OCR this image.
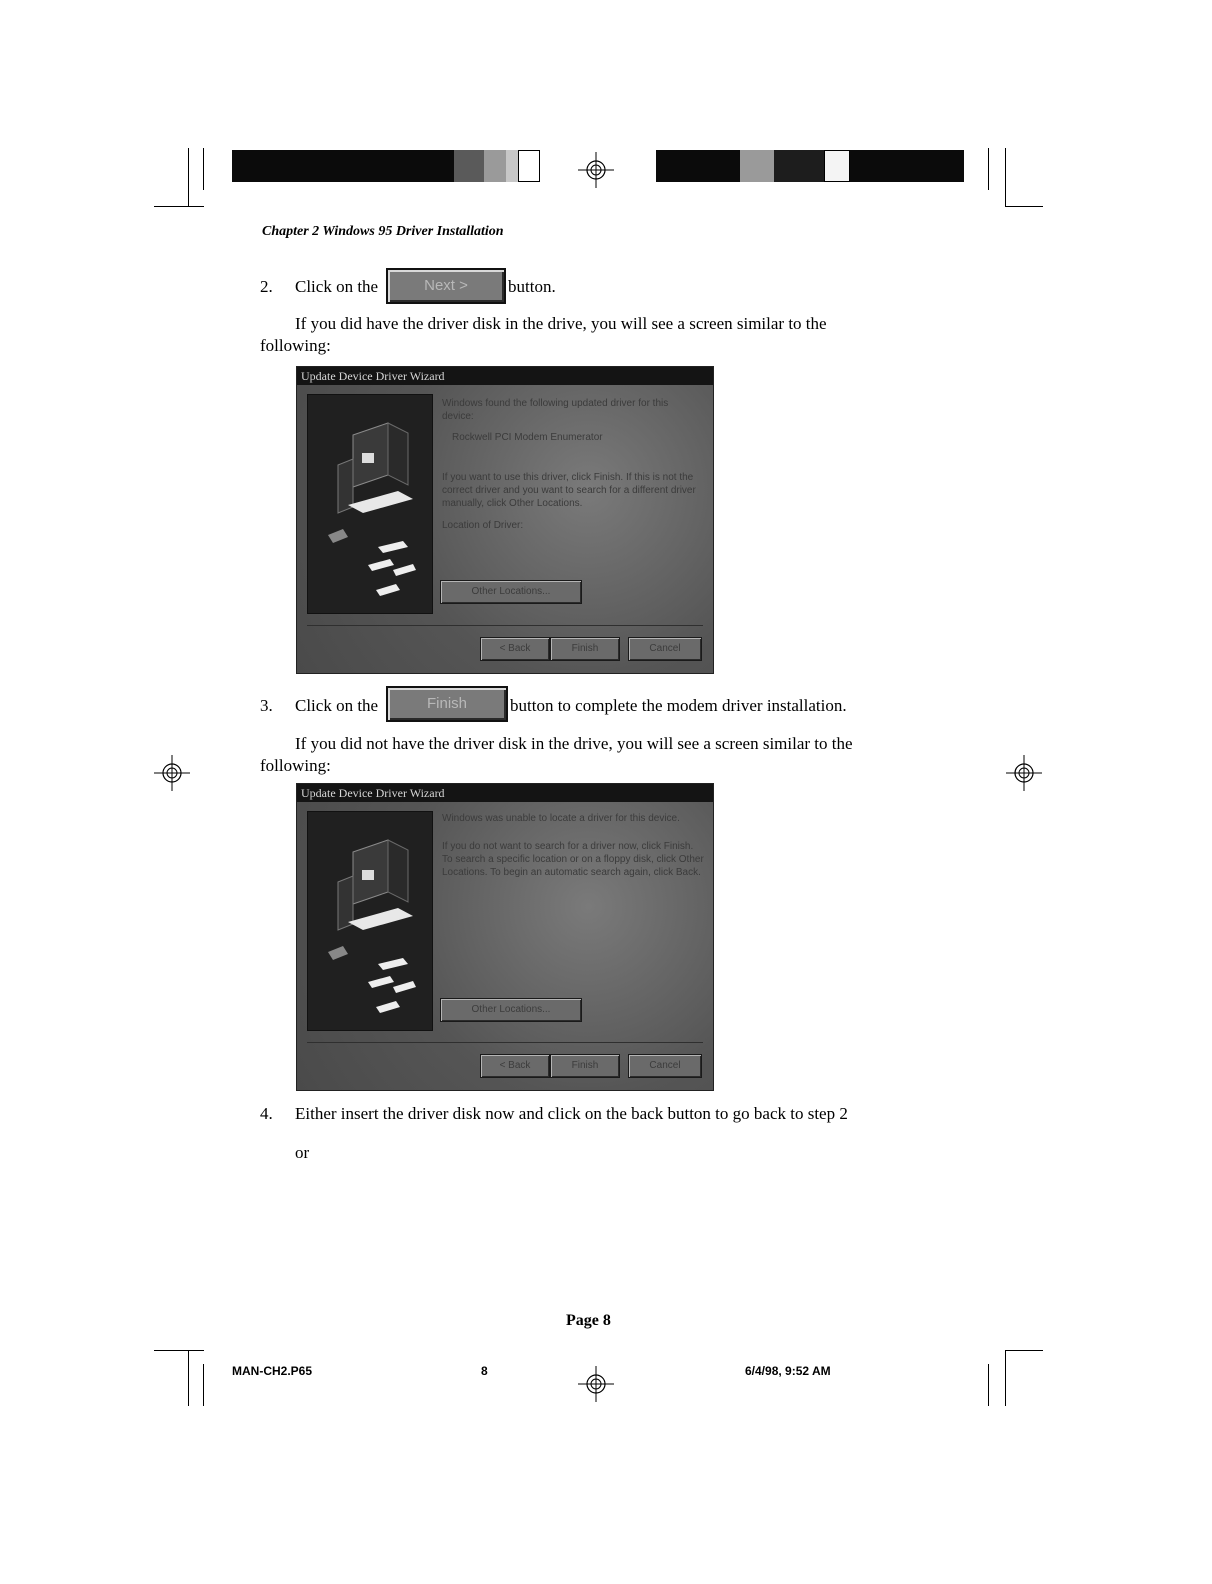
Chapter 2 Windows 95 Driver Installation
2. Click on the	Next >	button.
If you did have the driver disk in the drive, you will see a screen similar to the following:
Update Device Driver Wizard
Windows found the following updated driver for this device:
Rockwell PCI Modem Enumerator
If you want to use this driver, click Finish. If this is not the correct driver and you want to search for a different driver manually, click Other Locations.
Location of Driver:
Other Locations...
< Back	Finish	Cancel
3. Click on the	Finish	button to complete the modem driver installation.
If you did not have the driver disk in the drive, you will see a screen similar to the following:
Update Device Driver Wizard
Windows was unable to locate a driver for this device.
If you do not want to search for a driver now, click Finish. To search a specific location or on a floppy disk, click Other Locations. To begin an automatic search again, click Back.
Other Locations...
< Back	Finish	Cancel
4. Either insert the driver disk now and click on the back button to go back to step 2
or
Page 8
MAN-CH2.P65	8	6/4/98, 9:52 AM
